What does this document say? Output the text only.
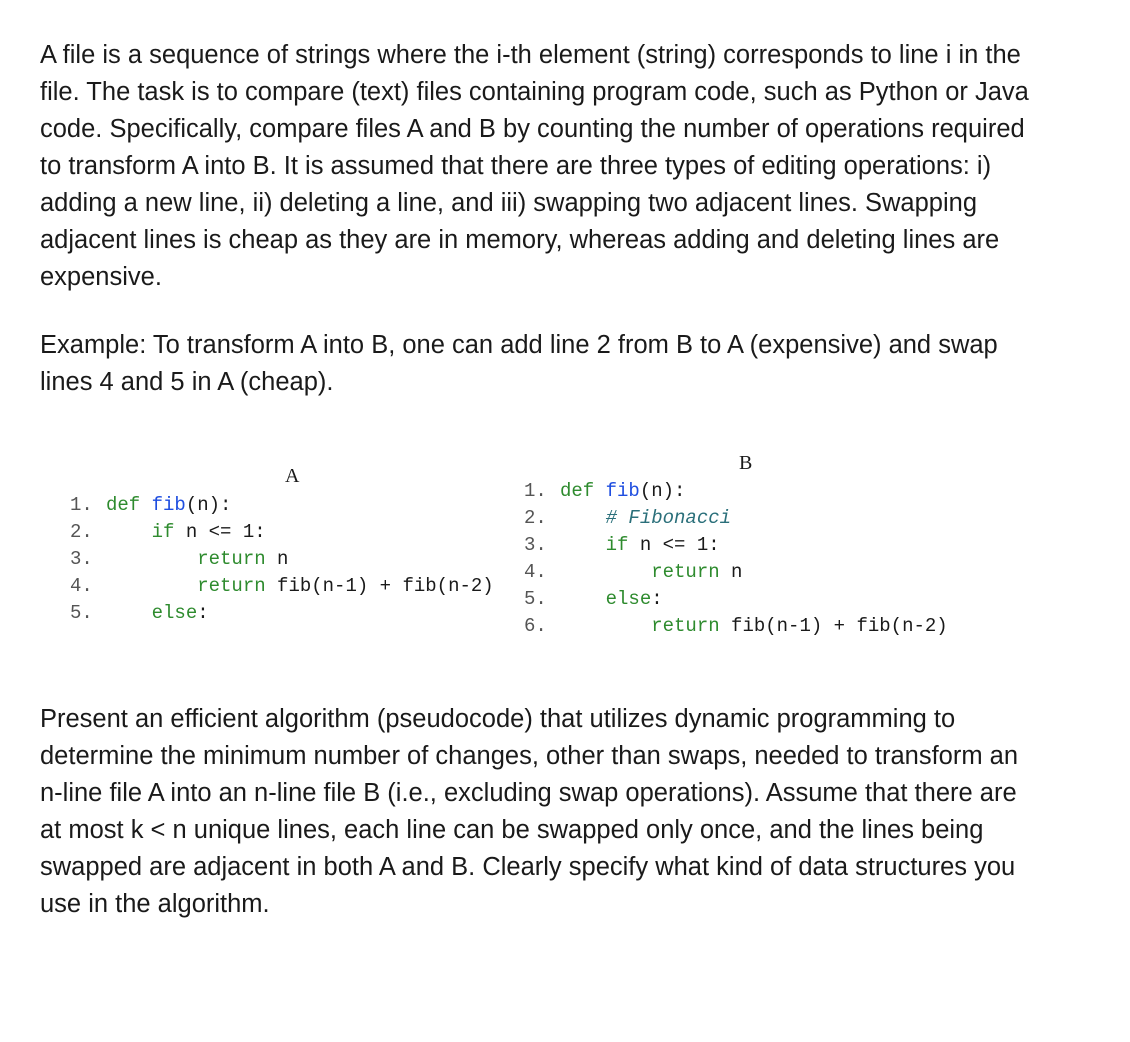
A file is a sequence of strings where the i-th element (string) corresponds to line i in the file. The task is to compare (text) files containing program code, such as Python or Java code. Specifically, compare files A and B by counting the number of operations required to transform A into B. It is assumed that there are three types of editing operations: i) adding a new line, ii) deleting a line, and iii) swapping two adjacent lines. Swapping adjacent lines is cheap as they are in memory, whereas adding and deleting lines are expensive.

Example: To transform A into B, one can add line 2 from B to A (expensive) and swap lines 4 and 5 in A (cheap).

A
1. def fib(n):
2.	if n <= 1:
3.	return n
4.	return fib(n-1) + fib(n-2)
5.	else:
B
1. def fib(n):
2.	# Fibonacci
3.	if n <= 1:
4.	return n
5.	else:
6.	return fib(n-1) + fib(n-2)

Present an efficient algorithm (pseudocode) that utilizes dynamic programming to determine the minimum number of changes, other than swaps, needed to transform an n-line file A into an n-line file B (i.e., excluding swap operations). Assume that there are at most k < n unique lines, each line can be swapped only once, and the lines being swapped are adjacent in both A and B. Clearly specify what kind of data structures you use in the algorithm.
